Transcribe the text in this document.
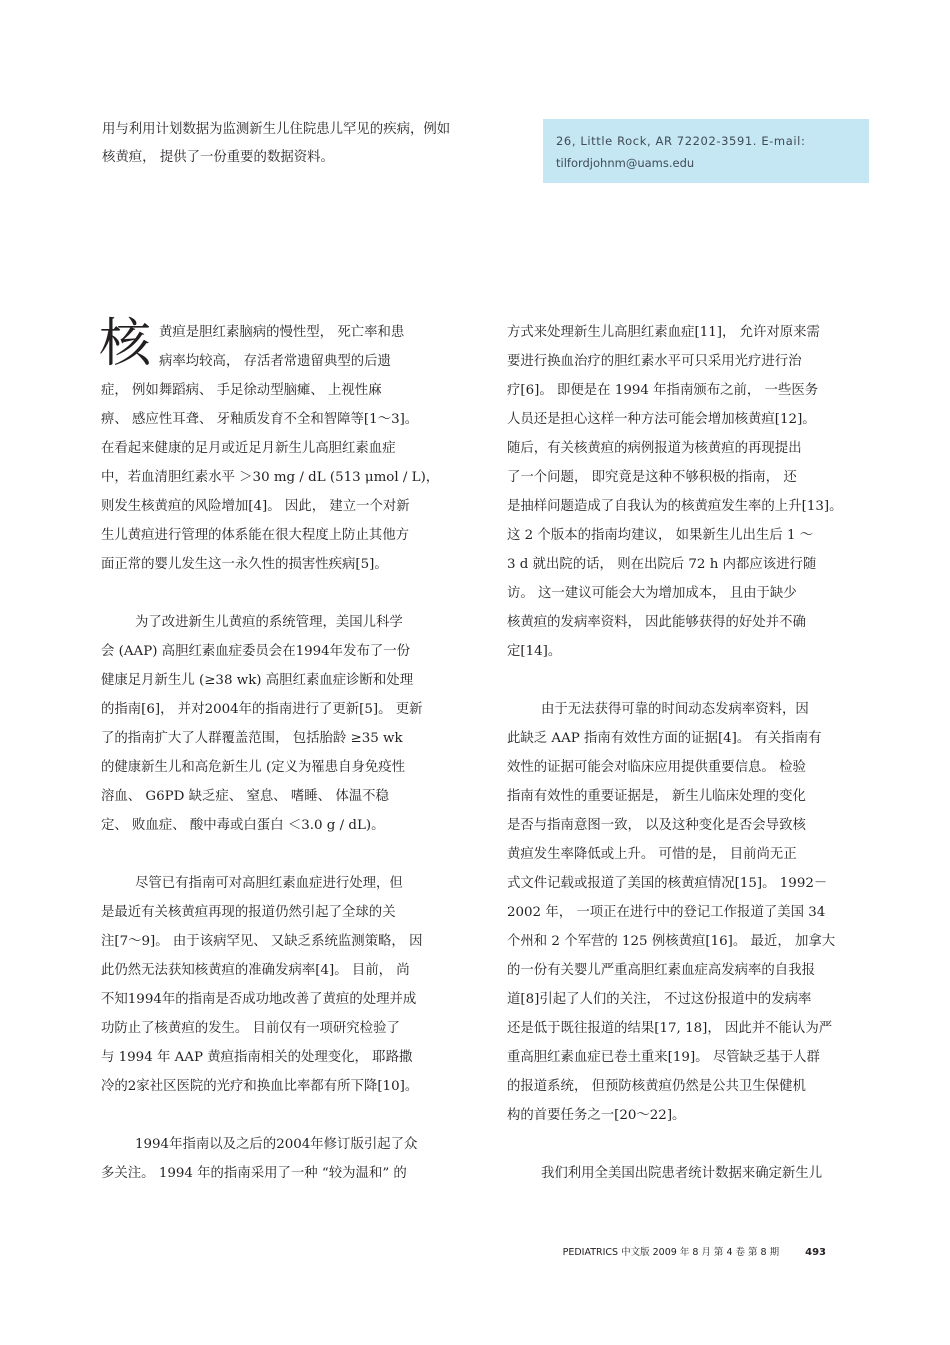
用与利用计划数据为监测新生儿住院患儿罕见的疾病，例如
核黄疸， 提供了一份重要的数据资料。
26, Little Rock, AR 72202-3591. E-mail:
tilfordjohnm@uams.edu
核 黄疸是胆红素脑病的慢性型， 死亡率和患
病率均较高， 存活者常遗留典型的后遗
症， 例如舞蹈病、 手足徐动型脑瘫、 上视性麻
痹、 感应性耳聋、 牙釉质发育不全和智障等[1～3]。
在看起来健康的足月或近足月新生儿高胆红素血症
中，若血清胆红素水平 ＞30 mg / dL (513 μmol / L)，
则发生核黄疸的风险增加[4]。 因此， 建立一个对新
生儿黄疸进行管理的体系能在很大程度上防止其他方
面正常的婴儿发生这一永久性的损害性疾病[5]。
为了改进新生儿黄疸的系统管理，美国儿科学
会 (AAP) 高胆红素血症委员会在1994年发布了一份
健康足月新生儿 (≥38 wk) 高胆红素血症诊断和处理
的指南[6]， 并对2004年的指南进行了更新[5]。 更新
了的指南扩大了人群覆盖范围， 包括胎龄 ≥35 wk
的健康新生儿和高危新生儿 (定义为罹患自身免疫性
溶血、 G6PD 缺乏症、 窒息、 嗜睡、 体温不稳
定、 败血症、 酸中毒或白蛋白 ＜3.0 g / dL)。
尽管已有指南可对高胆红素血症进行处理，但
是最近有关核黄疸再现的报道仍然引起了全球的关
注[7～9]。 由于该病罕见、 又缺乏系统监测策略， 因
此仍然无法获知核黄疸的准确发病率[4]。 目前， 尚
不知1994年的指南是否成功地改善了黄疸的处理并成
功防止了核黄疸的发生。 目前仅有一项研究检验了
与 1994 年 AAP 黄疸指南相关的处理变化， 耶路撒
冷的2家社区医院的光疗和换血比率都有所下降[10]。
1994年指南以及之后的2004年修订版引起了众
多关注。 1994 年的指南采用了一种 “较为温和” 的
方式来处理新生儿高胆红素血症[11]， 允许对原来需
要进行换血治疗的胆红素水平可只采用光疗进行治
疗[6]。 即便是在 1994 年指南颁布之前， 一些医务
人员还是担心这样一种方法可能会增加核黄疸[12]。
随后，有关核黄疸的病例报道为核黄疸的再现提出
了一个问题， 即究竟是这种不够积极的指南， 还
是抽样问题造成了自我认为的核黄疸发生率的上升[13]。
这 2 个版本的指南均建议， 如果新生儿出生后 1 ～
3 d 就出院的话， 则在出院后 72 h 内都应该进行随
访。 这一建议可能会大为增加成本， 且由于缺少
核黄疸的发病率资料， 因此能够获得的好处并不确
定[14]。
由于无法获得可靠的时间动态发病率资料，因
此缺乏 AAP 指南有效性方面的证据[4]。 有关指南有
效性的证据可能会对临床应用提供重要信息。 检验
指南有效性的重要证据是， 新生儿临床处理的变化
是否与指南意图一致， 以及这种变化是否会导致核
黄疸发生率降低或上升。 可惜的是， 目前尚无正
式文件记载或报道了美国的核黄疸情况[15]。 1992－
2002 年， 一项正在进行中的登记工作报道了美国 34
个州和 2 个军营的 125 例核黄疸[16]。 最近， 加拿大
的一份有关婴儿严重高胆红素血症高发病率的自我报
道[8]引起了人们的关注， 不过这份报道中的发病率
还是低于既往报道的结果[17, 18]， 因此并不能认为严
重高胆红素血症已卷土重来[19]。 尽管缺乏基于人群
的报道系统， 但预防核黄疸仍然是公共卫生保健机
构的首要任务之一[20～22]。
我们利用全美国出院患者统计数据来确定新生儿
PEDIATRICS 中文版 2009 年 8 月 第 4 卷 第 8 期	493
